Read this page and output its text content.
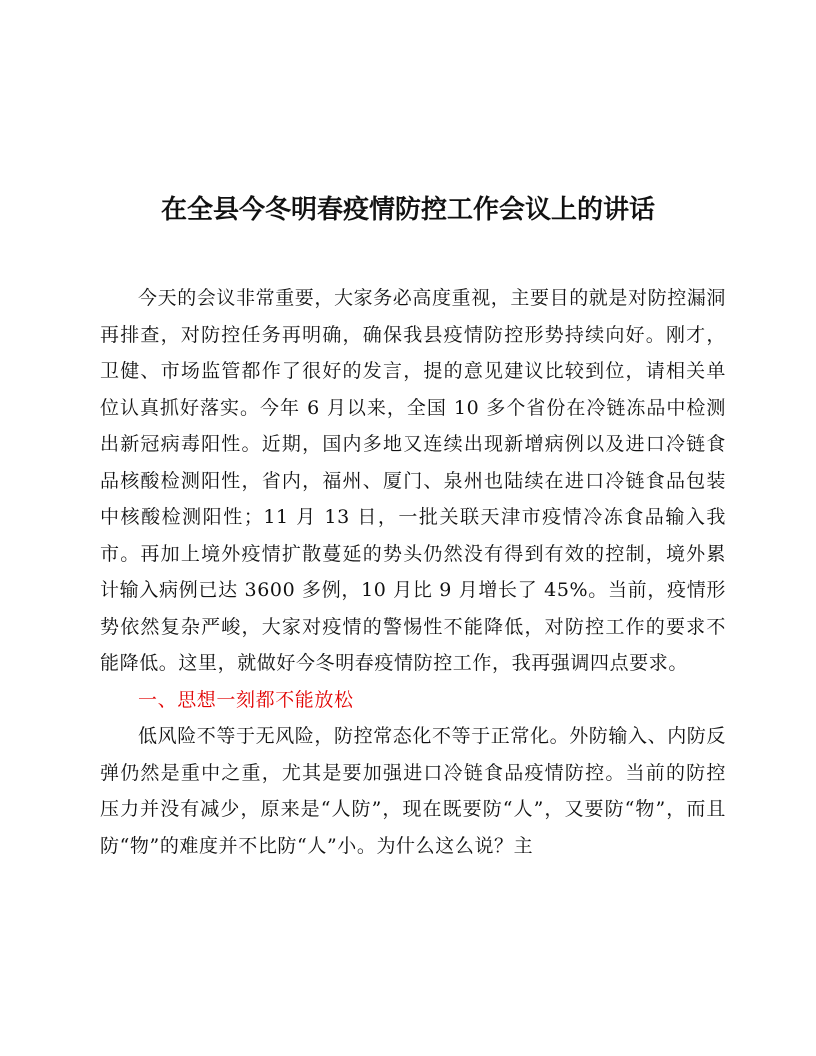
在全县今冬明春疫情防控工作会议上的讲话

今天的会议非常重要，大家务必高度重视，主要目的就是对防控漏洞再排查，对防控任务再明确，确保我县疫情防控形势持续向好。刚才，卫健、市场监管都作了很好的发言，提的意见建议比较到位，请相关单位认真抓好落实。今年 6 月以来，全国 10 多个省份在冷链冻品中检测出新冠病毒阳性。近期，国内多地又连续出现新增病例以及进口冷链食品核酸检测阳性，省内，福州、厦门、泉州也陆续在进口冷链食品包装中核酸检测阳性；11 月 13 日，一批关联天津市疫情冷冻食品输入我市。再加上境外疫情扩散蔓延的势头仍然没有得到有效的控制，境外累计输入病例已达 3600 多例，10 月比 9 月增长了 45%。当前，疫情形势依然复杂严峻，大家对疫情的警惕性不能降低，对防控工作的要求不能降低。这里，就做好今冬明春疫情防控工作，我再强调四点要求。

一、思想一刻都不能放松

低风险不等于无风险，防控常态化不等于正常化。外防输入、内防反弹仍然是重中之重，尤其是要加强进口冷链食品疫情防控。当前的防控压力并没有减少，原来是“人防”，现在既要防“人”，又要防“物”，而且防“物”的难度并不比防“人”小。为什么这么说？主
